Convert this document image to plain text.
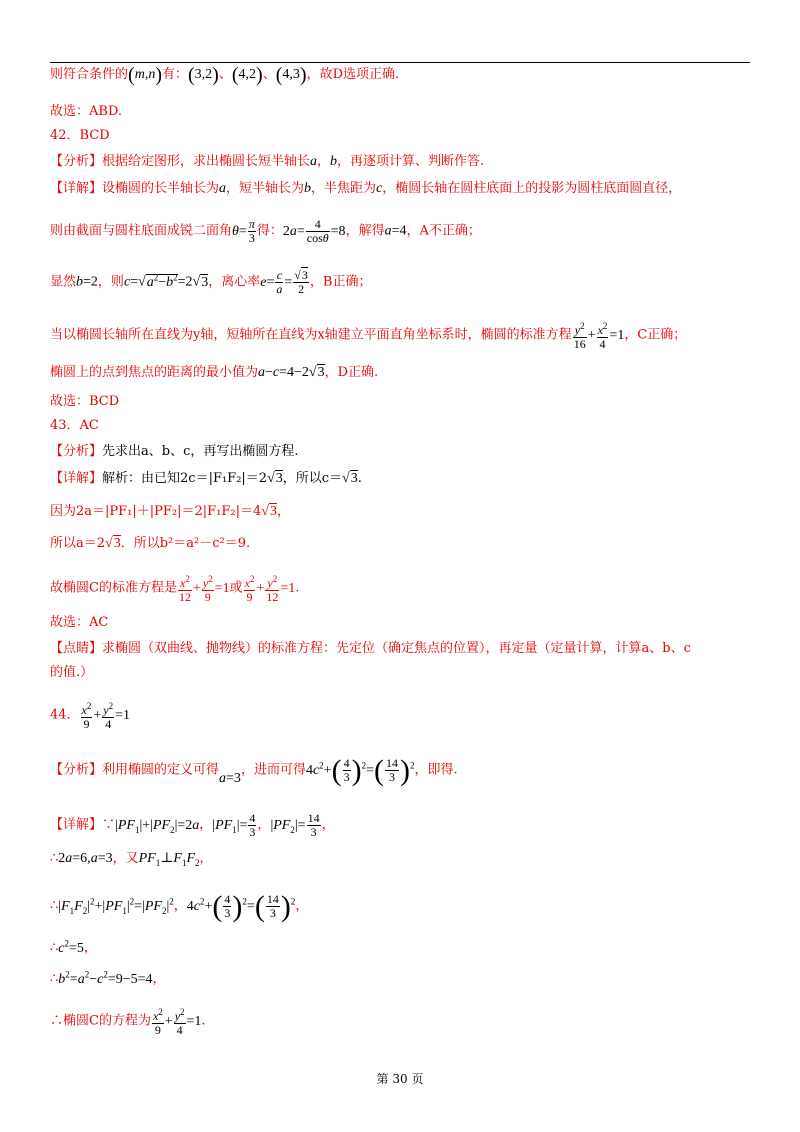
则符合条件的(m,n)有：(3,2)、(4,2)、(4,3)，故D选项正确.
故选：ABD.
42．BCD
【分析】根据给定图形，求出椭圆长短半轴长a，b，再逐项计算、判断作答.
【详解】设椭圆的长半轴长为a，短半轴长为b，半焦距为c，椭圆长轴在圆柱底面上的投影为圆柱底面圆直径，
则由截面与圆柱底面成锐二面角$\theta= \frac{\pi}{3}$ 得：$2a= \frac{4}{\cos\theta} =8$，解得a=4，A不正确；
显然b=2，则$c=√a^2-b^2=2√3$，离心率$e= \frac{c}{a} = \frac{√3}{2}$ ，B正确；
当以椭圆长轴所在直线为y轴，短轴所在直线为x轴建立平面直角坐标系时，椭圆的标准方程 $\frac{y^2}{16} + \frac{x^2}{4} =1$，C正确；
椭圆上的点到焦点的距离的最小值为a−c=4−2√3，D正确.
故选：BCD
43．AC
【分析】先求出a、b、c，再写出椭圆方程.
【详解】解析：由已知2c＝|F₁F₂|＝2√3，所以c＝√3.
因为2a＝|PF₁|＋|PF₂|＝2|F₁F₂|＝4√3，
所以a＝2√3．所以b²＝a²－c²＝9.
故椭圆C的标准方程是 $\frac{x^2}{12} + \frac{y^2}{9} =1$或 $\frac{x^2}{9} + \frac{y^2}{12} =1$.
故选：AC
【点睛】求椭圆（双曲线、抛物线）的标准方程：先定位（确定焦点的位置），再定量（定量计算，计算a、b、c
的值.）
44． $\frac{x^2}{9} + \frac{y^2}{4} =1$
【分析】利用椭圆的定义可得a=3，进而可得$4c^2+( \frac{4}{3} )^2=( \frac{14}{3} )^2$，即得.
【详解】$\because|PF_1|+|PF_2|=2a$，$|PF_1|= \frac{4}{3}$ ，$|PF_2|= \frac{14}{3}$ ，
∴2a=6,a=3，又$PF_1\perp F_1F_2$，
$\therefore|F_1F_2|^2+|PF_1|^2=|PF_2|^2$，$4c^2+( \frac{4}{3} )^2=( \frac{14}{3} )^2$，
$\therefore c^2=5$，
$\therefore b^2=a^2-c^2=9-5=4$，
∴椭圆C的方程为 $\frac{x^2}{9} + \frac{y^2}{4} =1$.
第 30 页
